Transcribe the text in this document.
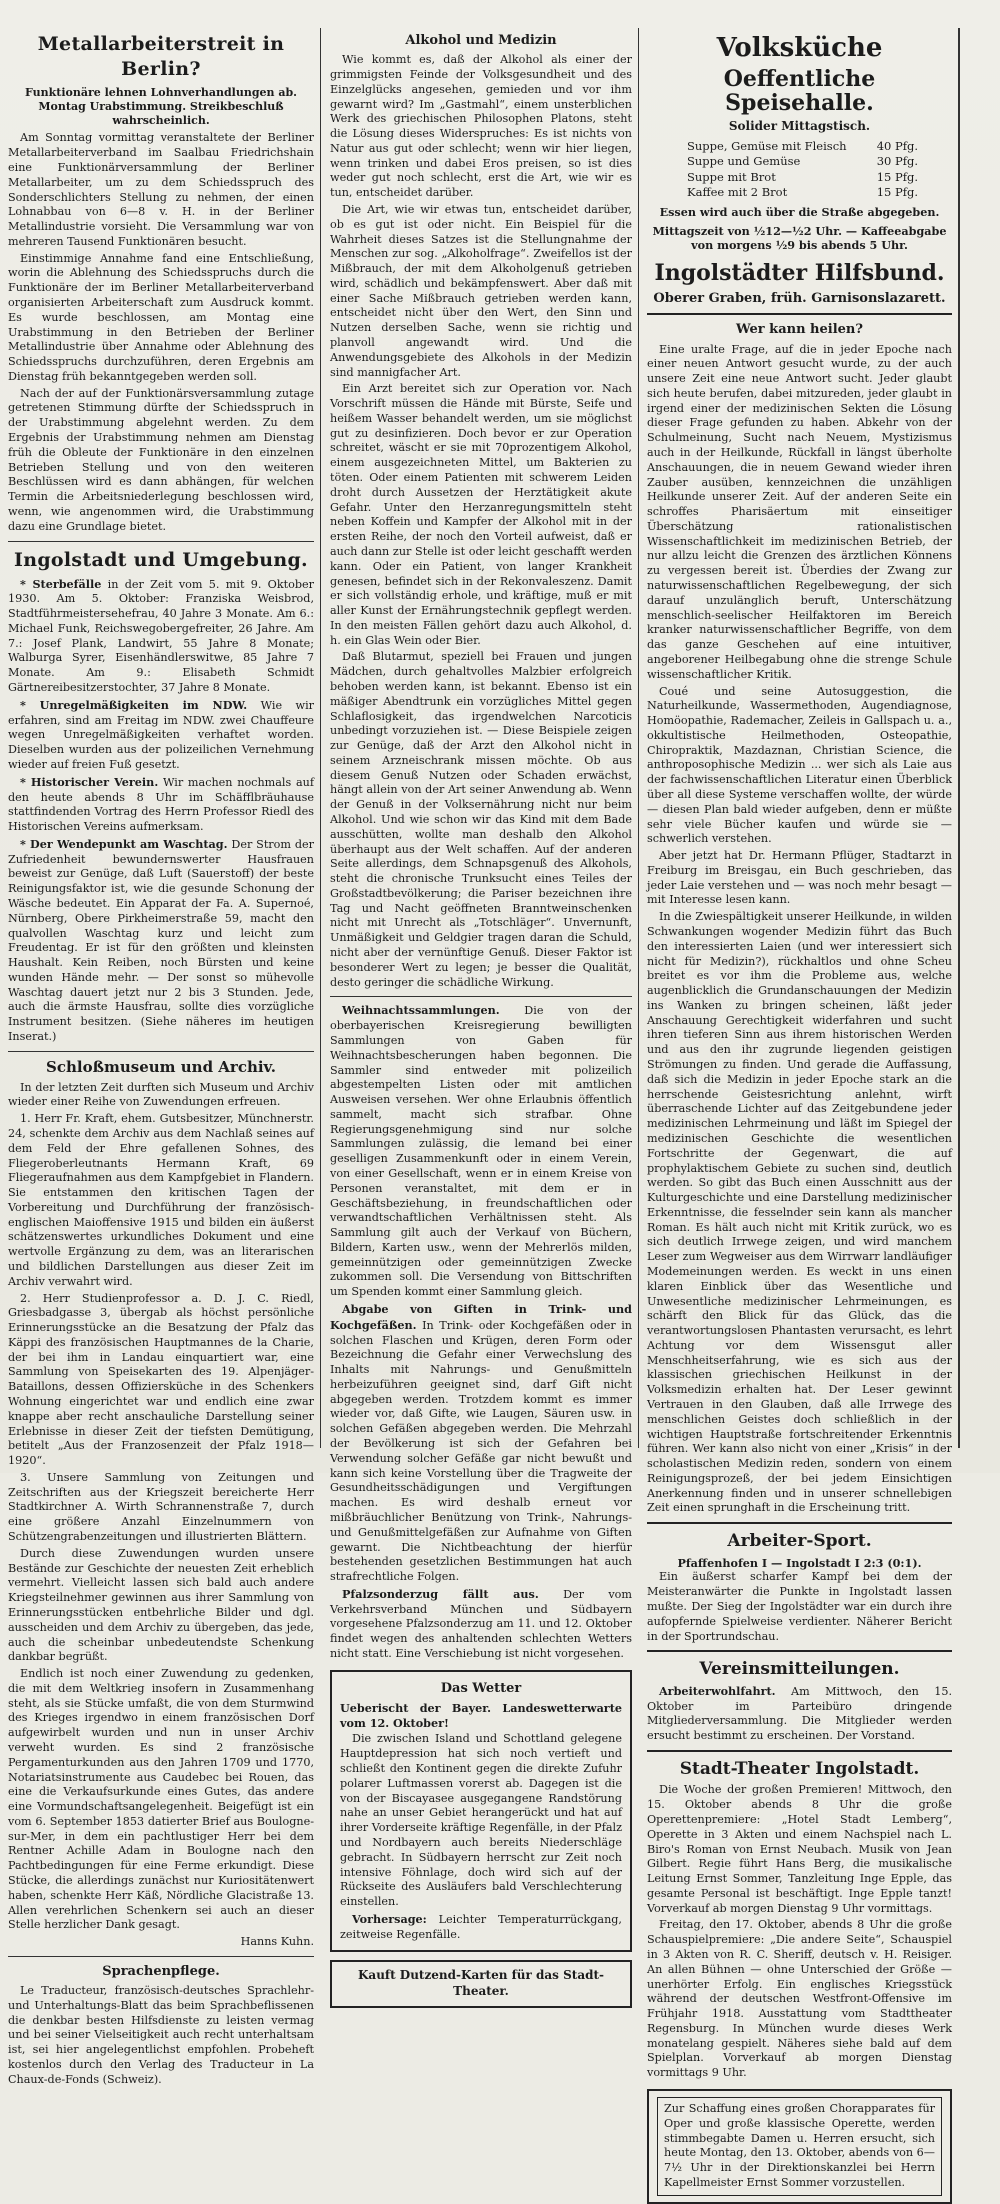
Metallarbeiterstreit in Berlin?
Funktionäre lehnen Lohnverhandlungen ab. Montag Urabstimmung. Streikbeschluß wahrscheinlich.

Am Sonntag vormittag veranstaltete der Berliner Metallarbeiterverband im Saalbau Friedrichshain eine Funktionärversammlung der Berliner Metallarbeiter, um zu dem Schiedsspruch des Sonderschlichters Stellung zu nehmen, der einen Lohnabbau von 6—8 v. H. in der Berliner Metallindustrie vorsieht. Die Versammlung war von mehreren Tausend Funktionären besucht.

Einstimmige Annahme fand eine Entschließung, worin die Ablehnung des Schiedsspruchs durch die Funktionäre der im Berliner Metallarbeiterverband organisierten Arbeiterschaft zum Ausdruck kommt. Es wurde beschlossen, am Montag eine Urabstimmung in den Betrieben der Berliner Metallindustrie über Annahme oder Ablehnung des Schiedsspruchs durchzuführen, deren Ergebnis am Dienstag früh bekanntgegeben werden soll.

Nach der auf der Funktionärsversammlung zutage getretenen Stimmung dürfte der Schiedsspruch in der Urabstimmung abgelehnt werden. Zu dem Ergebnis der Urabstimmung nehmen am Dienstag früh die Obleute der Funktionäre in den einzelnen Betrieben Stellung und von den weiteren Beschlüssen wird es dann abhängen, für welchen Termin die Arbeitsniederlegung beschlossen wird, wenn, wie angenommen wird, die Urabstimmung dazu eine Grundlage bietet.

Ingolstadt und Umgebung.

* Sterbefälle in der Zeit vom 5. mit 9. Oktober 1930. Am 5. Oktober: Franziska Weisbrod, Stadtführmeistersehefrau, 40 Jahre 3 Monate. Am 6.: Michael Funk, Reichswegobergefreiter, 26 Jahre. Am 7.: Josef Plank, Landwirt, 55 Jahre 8 Monate; Walburga Syrer, Eisenhändlerswitwe, 85 Jahre 7 Monate. Am 9.: Elisabeth Schmidt Gärtnereibesitzerstochter, 37 Jahre 8 Monate.

* Unregelmäßigkeiten im NDW. Wie wir erfahren, sind am Freitag im NDW. zwei Chauffeure wegen Unregelmäßigkeiten verhaftet worden. Dieselben wurden aus der polizeilichen Vernehmung wieder auf freien Fuß gesetzt.

* Historischer Verein. Wir machen nochmals auf den heute abends 8 Uhr im Schäfflbräuhause stattfindenden Vortrag des Herrn Professor Riedl des Historischen Vereins aufmerksam.

* Der Wendepunkt am Waschtag. Der Strom der Zufriedenheit bewundernswerter Hausfrauen beweist zur Genüge, daß Luft (Sauerstoff) der beste Reinigungsfaktor ist, wie die gesunde Schonung der Wäsche bedeutet. Ein Apparat der Fa. A. Supernoé, Nürnberg, Obere Pirkheimerstraße 59, macht den qualvollen Waschtag kurz und leicht zum Freudentag. Er ist für den größten und kleinsten Haushalt. Kein Reiben, noch Bürsten und keine wunden Hände mehr. — Der sonst so mühevolle Waschtag dauert jetzt nur 2 bis 3 Stunden. Jede, auch die ärmste Hausfrau, sollte dies vorzügliche Instrument besitzen. (Siehe näheres im heutigen Inserat.)

Schloßmuseum und Archiv.

In der letzten Zeit durften sich Museum und Archiv wieder einer Reihe von Zuwendungen erfreuen.

1. Herr Fr. Kraft, ehem. Gutsbesitzer, Münchnerstr. 24, schenkte dem Archiv aus dem Nachlaß seines auf dem Feld der Ehre gefallenen Sohnes, des Fliegeroberleutnants Hermann Kraft, 69 Fliegeraufnahmen aus dem Kampfgebiet in Flandern. Sie entstammen den kritischen Tagen der Vorbereitung und Durchführung der französisch-englischen Maioffensive 1915 und bilden ein äußerst schätzenswertes urkundliches Dokument und eine wertvolle Ergänzung zu dem, was an literarischen und bildlichen Darstellungen aus dieser Zeit im Archiv verwahrt wird.

2. Herr Studienprofessor a. D. J. C. Riedl, Griesbadgasse 3, übergab als höchst persönliche Erinnerungsstücke an die Besatzung der Pfalz das Käppi des französischen Hauptmannes de la Charie, der bei ihm in Landau einquartiert war, eine Sammlung von Speisekarten des 19. Alpenjäger-Bataillons, dessen Offiziersküche in des Schenkers Wohnung eingerichtet war und endlich eine zwar knappe aber recht anschauliche Darstellung seiner Erlebnisse in dieser Zeit der tiefsten Demütigung, betitelt „Aus der Franzosenzeit der Pfalz 1918—1920“.

3. Unsere Sammlung von Zeitungen und Zeitschriften aus der Kriegszeit bereicherte Herr Stadtkirchner A. Wirth Schrannenstraße 7, durch eine größere Anzahl Einzelnummern von Schützengrabenzeitungen und illustrierten Blättern.

Durch diese Zuwendungen wurden unsere Bestände zur Geschichte der neuesten Zeit erheblich vermehrt. Vielleicht lassen sich bald auch andere Kriegsteilnehmer gewinnen aus ihrer Sammlung von Erinnerungsstücken entbehrliche Bilder und dgl. ausscheiden und dem Archiv zu übergeben, das jede, auch die scheinbar unbedeutendste Schenkung dankbar begrüßt.

Endlich ist noch einer Zuwendung zu gedenken, die mit dem Weltkrieg insofern in Zusammenhang steht, als sie Stücke umfaßt, die von dem Sturmwind des Krieges irgendwo in einem französischen Dorf aufgewirbelt wurden und nun in unser Archiv verweht wurden. Es sind 2 französische Pergamenturkunden aus den Jahren 1709 und 1770, Notariatsinstrumente aus Caudebec bei Rouen, das eine die Verkaufsurkunde eines Gutes, das andere eine Vormundschaftsangelegenheit. Beigefügt ist ein vom 6. September 1853 datierter Brief aus Boulogne-sur-Mer, in dem ein pachtlustiger Herr bei dem Rentner Achille Adam in Boulogne nach den Pachtbedingungen für eine Ferme erkundigt. Diese Stücke, die allerdings zunächst nur Kuriositätenwert haben, schenkte Herr Käß, Nördliche Glacistraße 13. Allen verehrlichen Schenkern sei auch an dieser Stelle herzlicher Dank gesagt.

Hanns Kuhn.

Sprachenpflege.

Le Traducteur, französisch-deutsches Sprachlehr- und Unterhaltungs-Blatt das beim Sprachbeflissenen die denkbar besten Hilfsdienste zu leisten vermag und bei seiner Vielseitigkeit auch recht unterhaltsam ist, sei hier angelegentlichst empfohlen. Probeheft kostenlos durch den Verlag des Traducteur in La Chaux-de-Fonds (Schweiz).

Alkohol und Medizin

Wie kommt es, daß der Alkohol als einer der grimmigsten Feinde der Volksgesundheit und des Einzelglücks angesehen, gemieden und vor ihm gewarnt wird? Im „Gastmahl“, einem unsterblichen Werk des griechischen Philosophen Platons, steht die Lösung dieses Widerspruches: Es ist nichts von Natur aus gut oder schlecht; wenn wir hier liegen, wenn trinken und dabei Eros preisen, so ist dies weder gut noch schlecht, erst die Art, wie wir es tun, entscheidet darüber.

Die Art, wie wir etwas tun, entscheidet darüber, ob es gut ist oder nicht. Ein Beispiel für die Wahrheit dieses Satzes ist die Stellungnahme der Menschen zur sog. „Alkoholfrage“. Zweifellos ist der Mißbrauch, der mit dem Alkoholgenuß getrieben wird, schädlich und bekämpfenswert. Aber daß mit einer Sache Mißbrauch getrieben werden kann, entscheidet nicht über den Wert, den Sinn und Nutzen derselben Sache, wenn sie richtig und planvoll angewandt wird. Und die Anwendungsgebiete des Alkohols in der Medizin sind mannigfacher Art.

Ein Arzt bereitet sich zur Operation vor. Nach Vorschrift müssen die Hände mit Bürste, Seife und heißem Wasser behandelt werden, um sie möglichst gut zu desinfizieren. Doch bevor er zur Operation schreitet, wäscht er sie mit 70prozentigem Alkohol, einem ausgezeichneten Mittel, um Bakterien zu töten. Oder einem Patienten mit schwerem Leiden droht durch Aussetzen der Herztätigkeit akute Gefahr. Unter den Herzanregungsmitteln steht neben Koffein und Kampfer der Alkohol mit in der ersten Reihe, der noch den Vorteil aufweist, daß er auch dann zur Stelle ist oder leicht geschafft werden kann. Oder ein Patient, von langer Krankheit genesen, befindet sich in der Rekonvaleszenz. Damit er sich vollständig erhole, und kräftige, muß er mit aller Kunst der Ernährungstechnik gepflegt werden. In den meisten Fällen gehört dazu auch Alkohol, d. h. ein Glas Wein oder Bier.

Daß Blutarmut, speziell bei Frauen und jungen Mädchen, durch gehaltvolles Malzbier erfolgreich behoben werden kann, ist bekannt. Ebenso ist ein mäßiger Abendtrunk ein vorzügliches Mittel gegen Schlaflosigkeit, das irgendwelchen Narcoticis unbedingt vorzuziehen ist. — Diese Beispiele zeigen zur Genüge, daß der Arzt den Alkohol nicht in seinem Arzneischrank missen möchte. Ob aus diesem Genuß Nutzen oder Schaden erwächst, hängt allein von der Art seiner Anwendung ab. Wenn der Genuß in der Volksernährung nicht nur beim Alkohol. Und wie schon wir das Kind mit dem Bade ausschütten, wollte man deshalb den Alkohol überhaupt aus der Welt schaffen. Auf der anderen Seite allerdings, dem Schnapsgenuß des Alkohols, steht die chronische Trunksucht eines Teiles der Großstadtbevölkerung; die Pariser bezeichnen ihre Tag und Nacht geöffneten Branntweinschenken nicht mit Unrecht als „Totschläger“. Unvernunft, Unmäßigkeit und Geldgier tragen daran die Schuld, nicht aber der vernünftige Genuß. Dieser Faktor ist besonderer Wert zu legen; je besser die Qualität, desto geringer die schädliche Wirkung.

Weihnachtssammlungen. Die von der oberbayerischen Kreisregierung bewilligten Sammlungen von Gaben für Weihnachtsbescherungen haben begonnen. Die Sammler sind entweder mit polizeilich abgestempelten Listen oder mit amtlichen Ausweisen versehen. Wer ohne Erlaubnis öffentlich sammelt, macht sich strafbar. Ohne Regierungsgenehmigung sind nur solche Sammlungen zulässig, die lemand bei einer geselligen Zusammenkunft oder in einem Verein, von einer Gesellschaft, wenn er in einem Kreise von Personen veranstaltet, mit dem er in Geschäftsbeziehung, in freundschaftlichen oder verwandtschaftlichen Verhältnissen steht. Als Sammlung gilt auch der Verkauf von Büchern, Bildern, Karten usw., wenn der Mehrerlös milden, gemeinnützigen oder gemeinnützigen Zwecke zukommen soll. Die Versendung von Bittschriften um Spenden kommt einer Sammlung gleich.

Abgabe von Giften in Trink- und Kochgefäßen. In Trink- oder Kochgefäßen oder in solchen Flaschen und Krügen, deren Form oder Bezeichnung die Gefahr einer Verwechslung des Inhalts mit Nahrungs- und Genußmitteln herbeizuführen geeignet sind, darf Gift nicht abgegeben werden. Trotzdem kommt es immer wieder vor, daß Gifte, wie Laugen, Säuren usw. in solchen Gefäßen abgegeben werden. Die Mehrzahl der Bevölkerung ist sich der Gefahren bei Verwendung solcher Gefäße gar nicht bewußt und kann sich keine Vorstellung über die Tragweite der Gesundheitsschädigungen und Vergiftungen machen. Es wird deshalb erneut vor mißbräuchlicher Benützung von Trink-, Nahrungs- und Genußmittelgefäßen zur Aufnahme von Giften gewarnt. Die Nichtbeachtung der hierfür bestehenden gesetzlichen Bestimmungen hat auch strafrechtliche Folgen.

Pfalzsonderzug fällt aus. Der vom Verkehrsverband München und Südbayern vorgesehene Pfalzsonderzug am 11. und 12. Oktober findet wegen des anhaltenden schlechten Wetters nicht statt. Eine Verschiebung ist nicht vorgesehen.

Das Wetter

Ueberischt der Bayer. Landeswetterwarte vom 12. Oktober!

Die zwischen Island und Schottland gelegene Hauptdepression hat sich noch vertieft und schließt den Kontinent gegen die direkte Zufuhr polarer Luftmassen vorerst ab. Dagegen ist die von der Biscayasee ausgegangene Randstörung nahe an unser Gebiet herangerückt und hat auf ihrer Vorderseite kräftige Regenfälle, in der Pfalz und Nordbayern auch bereits Niederschläge gebracht. In Südbayern herrscht zur Zeit noch intensive Föhnlage, doch wird sich auf der Rückseite des Ausläufers bald Verschlechterung einstellen.

Vorhersage: Leichter Temperaturrückgang, zeitweise Regenfälle.

Kauft Dutzend-Karten für das Stadt-Theater.
Volksküche
Oeffentliche Speisehalle.
Solider Mittagstisch.
Suppe, Gemüse mit Fleisch	40 Pfg.
Suppe und Gemüse	30 Pfg.
Suppe mit Brot	15 Pfg.
Kaffee mit 2 Brot	15 Pfg.
Essen wird auch über die Straße abgegeben.
Mittagszeit von ½12—½2 Uhr. — Kaffeeabgabe von morgens ½9 bis abends 5 Uhr.
Ingolstädter Hilfsbund.
Oberer Graben, früh. Garnisonslazarett.
Wer kann heilen?

Eine uralte Frage, auf die in jeder Epoche nach einer neuen Antwort gesucht wurde, zu der auch unsere Zeit eine neue Antwort sucht. Jeder glaubt sich heute berufen, dabei mitzureden, jeder glaubt in irgend einer der medizinischen Sekten die Lösung dieser Frage gefunden zu haben. Abkehr von der Schulmeinung, Sucht nach Neuem, Mystizismus auch in der Heilkunde, Rückfall in längst überholte Anschauungen, die in neuem Gewand wieder ihren Zauber ausüben, kennzeichnen die unzähligen Heilkunde unserer Zeit. Auf der anderen Seite ein schroffes Pharisäertum mit einseitiger Überschätzung rationalistischen Wissenschaftlichkeit im medizinischen Betrieb, der nur allzu leicht die Grenzen des ärztlichen Könnens zu vergessen bereit ist. Überdies der Zwang zur naturwissenschaftlichen Regelbewegung, der sich darauf unzulänglich beruft, Unterschätzung menschlich-seelischer Heilfaktoren im Bereich kranker naturwissenschaftlicher Begriffe, von dem das ganze Geschehen auf eine intuitiver, angeborener Heilbegabung ohne die strenge Schule wissenschaftlicher Kritik.

Coué und seine Autosuggestion, die Naturheilkunde, Wassermethoden, Augendiagnose, Homöopathie, Rademacher, Zeileis in Gallspach u. a., okkultistische Heilmethoden, Osteopathie, Chiropraktik, Mazdaznan, Christian Science, die anthroposophische Medizin ... wer sich als Laie aus der fachwissenschaftlichen Literatur einen Überblick über all diese Systeme verschaffen wollte, der würde — diesen Plan bald wieder aufgeben, denn er müßte sehr viele Bücher kaufen und würde sie — schwerlich verstehen.

Aber jetzt hat Dr. Hermann Pflüger, Stadtarzt in Freiburg im Breisgau, ein Buch geschrieben, das jeder Laie verstehen und — was noch mehr besagt — mit Interesse lesen kann.

In die Zwiespältigkeit unserer Heilkunde, in wilden Schwankungen wogender Medizin führt das Buch den interessierten Laien (und wer interessiert sich nicht für Medizin?), rückhaltlos und ohne Scheu breitet es vor ihm die Probleme aus, welche augenblicklich die Grundanschauungen der Medizin ins Wanken zu bringen scheinen, läßt jeder Anschauung Gerechtigkeit widerfahren und sucht ihren tieferen Sinn aus ihrem historischen Werden und aus den ihr zugrunde liegenden geistigen Strömungen zu finden. Und gerade die Auffassung, daß sich die Medizin in jeder Epoche stark an die herrschende Geistesrichtung anlehnt, wirft überraschende Lichter auf das Zeitgebundene jeder medizinischen Lehrmeinung und läßt im Spiegel der medizinischen Geschichte die wesentlichen Fortschritte der Gegenwart, die auf prophylaktischem Gebiete zu suchen sind, deutlich werden. So gibt das Buch einen Ausschnitt aus der Kulturgeschichte und eine Darstellung medizinischer Erkenntnisse, die fesselnder sein kann als mancher Roman. Es hält auch nicht mit Kritik zurück, wo es sich deutlich Irrwege zeigen, und wird manchem Leser zum Wegweiser aus dem Wirrwarr landläufiger Modemeinungen werden. Es weckt in uns einen klaren Einblick über das Wesentliche und Unwesentliche medizinischer Lehrmeinungen, es schärft den Blick für das Glück, das die verantwortungslosen Phantasten verursacht, es lehrt Achtung vor dem Wissensgut aller Menschheitserfahrung, wie es sich aus der klassischen griechischen Heilkunst in der Volksmedizin erhalten hat. Der Leser gewinnt Vertrauen in den Glauben, daß alle Irrwege des menschlichen Geistes doch schließlich in der wichtigen Hauptstraße fortschreitender Erkenntnis führen. Wer kann also nicht von einer „Krisis“ in der scholastischen Medizin reden, sondern von einem Reinigungsprozeß, der bei jedem Einsichtigen Anerkennung finden und in unserer schnellebigen Zeit einen sprunghaft in die Erscheinung tritt.

Arbeiter-Sport.
Pfaffenhofen I — Ingolstadt I 2:3 (0:1).

Ein äußerst scharfer Kampf bei dem der Meisteranwärter die Punkte in Ingolstadt lassen mußte. Der Sieg der Ingolstädter war ein durch ihre aufopfernde Spielweise verdienter. Näherer Bericht in der Sportrundschau.

Vereinsmitteilungen.

Arbeiterwohlfahrt. Am Mittwoch, den 15. Oktober im Parteibüro dringende Mitgliederversammlung. Die Mitglieder werden ersucht bestimmt zu erscheinen. Der Vorstand.

Stadt-Theater Ingolstadt.

Die Woche der großen Premieren! Mittwoch, den 15. Oktober abends 8 Uhr die große Operettenpremiere: „Hotel Stadt Lemberg“, Operette in 3 Akten und einem Nachspiel nach L. Biro's Roman von Ernst Neubach. Musik von Jean Gilbert. Regie führt Hans Berg, die musikalische Leitung Ernst Sommer, Tanzleitung Inge Epple, das gesamte Personal ist beschäftigt. Inge Epple tanzt! Vorverkauf ab morgen Dienstag 9 Uhr vormittags.

Freitag, den 17. Oktober, abends 8 Uhr die große Schauspielpremiere: „Die andere Seite“, Schauspiel in 3 Akten von R. C. Sheriff, deutsch v. H. Reisiger. An allen Bühnen — ohne Unterschied der Größe — unerhörter Erfolg. Ein englisches Kriegsstück während der deutschen Westfront-Offensive im Frühjahr 1918. Ausstattung vom Stadttheater Regensburg. In München wurde dieses Werk monatelang gespielt. Näheres siehe bald auf dem Spielplan. Vorverkauf ab morgen Dienstag vormittags 9 Uhr.

Zur Schaffung eines großen Chorapparates für Oper und große klassische Operette, werden stimmbegabte Damen u. Herren ersucht, sich heute Montag, den 13. Oktober, abends von 6—7½ Uhr in der Direktionskanzlei bei Herrn Kapellmeister Ernst Sommer vorzustellen.
